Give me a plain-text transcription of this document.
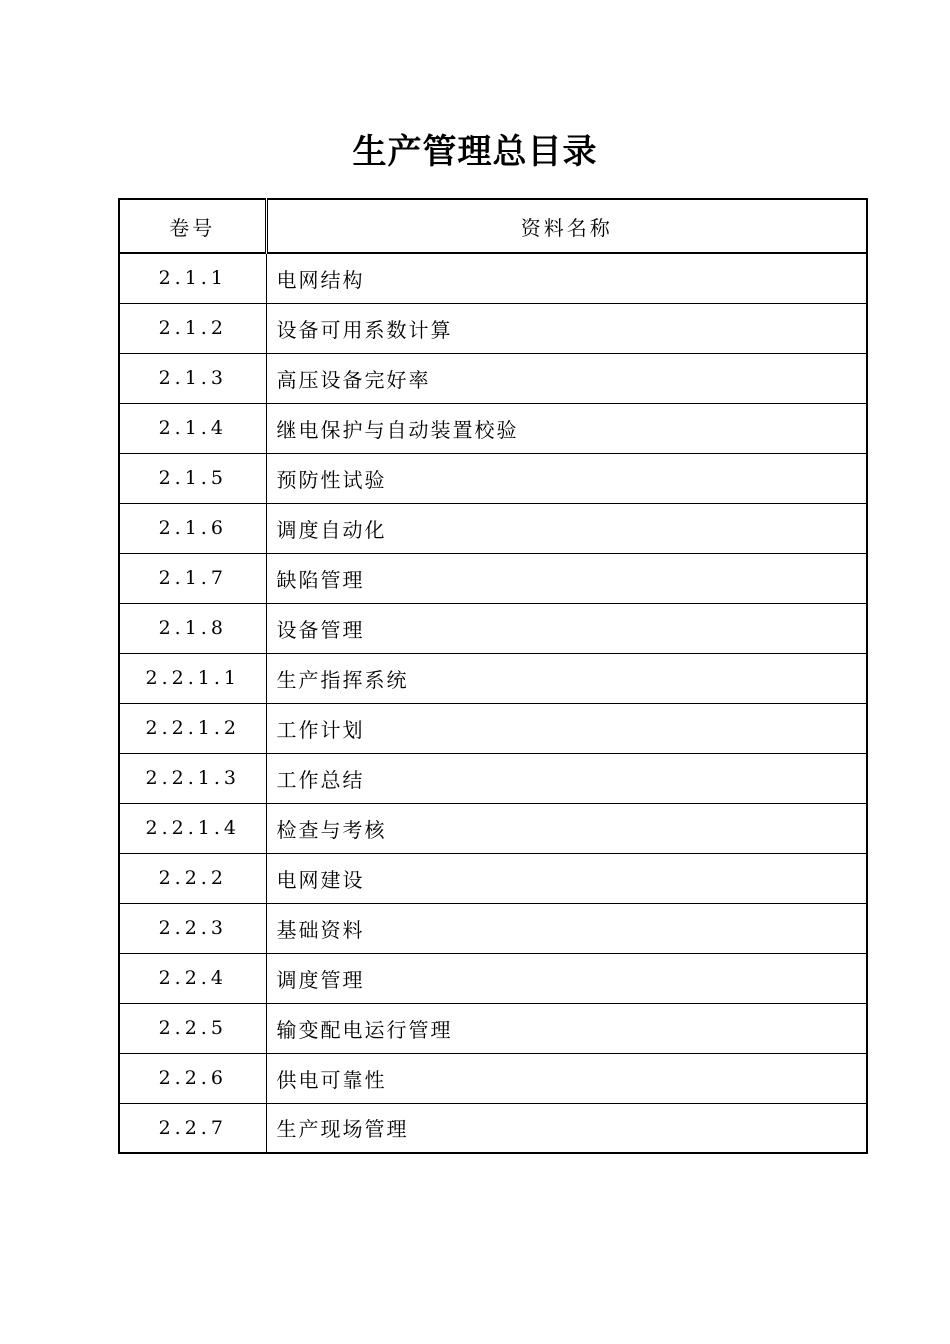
生产管理总目录
卷号	资料名称
2.1.1	电网结构
2.1.2	设备可用系数计算
2.1.3	高压设备完好率
2.1.4	继电保护与自动装置校验
2.1.5	预防性试验
2.1.6	调度自动化
2.1.7	缺陷管理
2.1.8	设备管理
2.2.1.1	生产指挥系统
2.2.1.2	工作计划
2.2.1.3	工作总结
2.2.1.4	检查与考核
2.2.2	电网建设
2.2.3	基础资料
2.2.4	调度管理
2.2.5	输变配电运行管理
2.2.6	供电可靠性
2.2.7	生产现场管理
